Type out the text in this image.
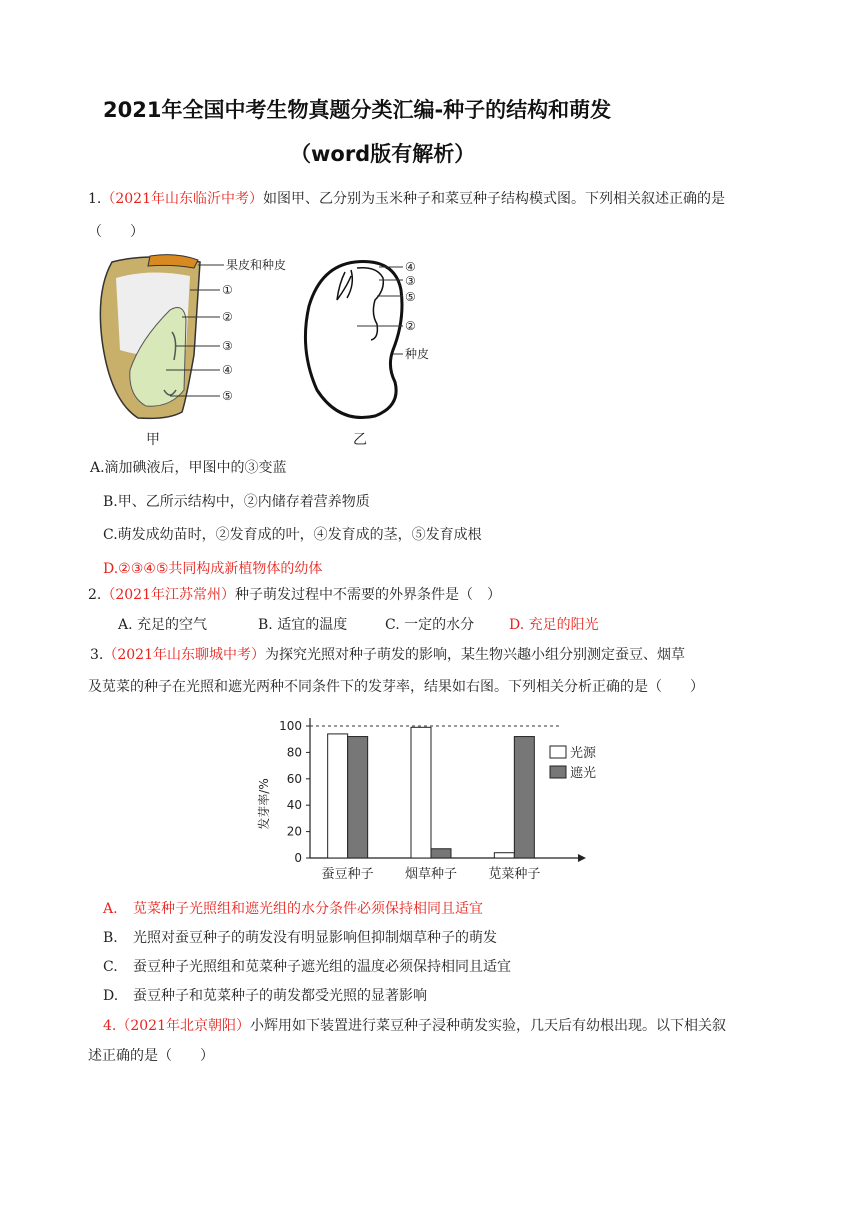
2021年全国中考生物真题分类汇编-种子的结构和萌发
（word版有解析）
1.（2021年山东临沂中考）如图甲、乙分别为玉米种子和菜豆种子结构模式图。下列相关叙述正确的是
（　　）
果皮和种皮
①
②
③
④
⑤
甲
④
③
⑤
②
种皮
乙
A.滴加碘液后，甲图中的③变蓝
B.甲、乙所示结构中，②内储存着营养物质
C.萌发成幼苗时，②发育成的叶，④发育成的茎，⑤发育成根
D.②③④⑤共同构成新植物体的幼体
2.（2021年江苏常州）种子萌发过程中不需要的外界条件是（　）
A. 充足的空气	B. 适宜的温度	C. 一定的水分 D. 充足的阳光
3.（2021年山东聊城中考）为探究光照对种子萌发的影响，某生物兴趣小组分别测定蚕豆、烟草
及苋菜的种子在光照和遮光两种不同条件下的发芽率，结果如右图。下列相关分析正确的是（　　）
发芽率/%
0
20
40
60
80
100
蚕豆种子 烟草种子 苋菜种子
光源
遮光
A. 苋菜种子光照组和遮光组的水分条件必须保持相同且适宜
B. 光照对蚕豆种子的萌发没有明显影响但抑制烟草种子的萌发
C. 蚕豆种子光照组和苋菜种子遮光组的温度必须保持相同且适宜
D. 蚕豆种子和苋菜种子的萌发都受光照的显著影响
4.（2021年北京朝阳）小辉用如下装置进行菜豆种子浸种萌发实验，几天后有幼根出现。以下相关叙
述正确的是（　　）
